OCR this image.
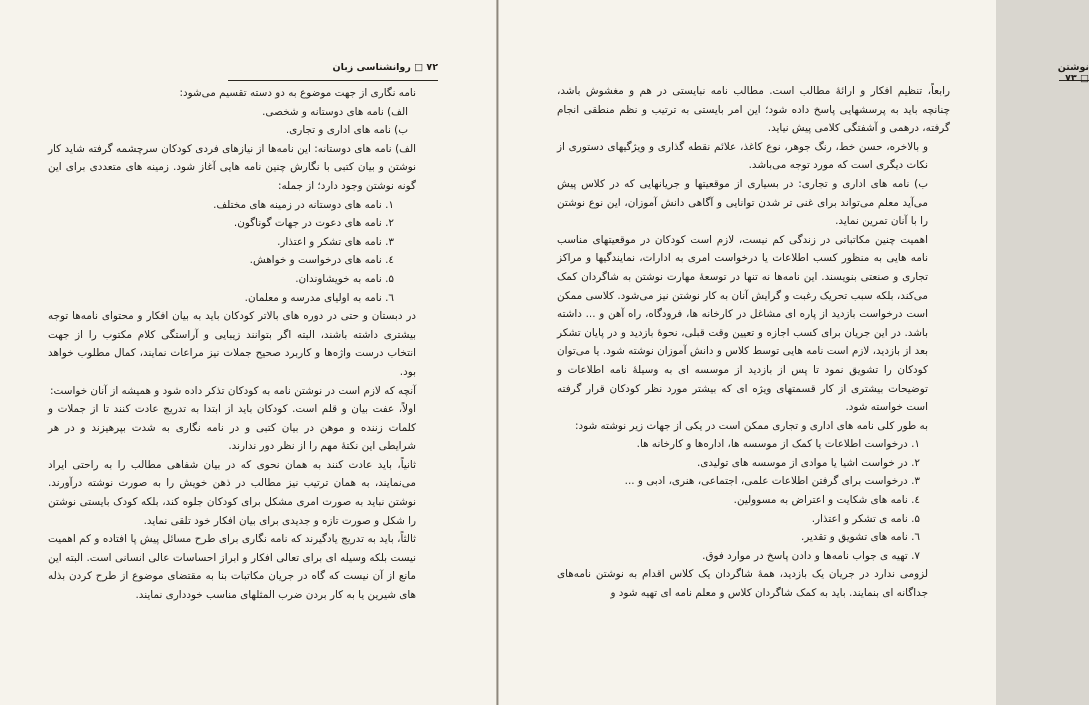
۷۲ □ روانشناسی زبان

نامه نگاری از جهت موضوع به دو دسته تقسیم می‌شود:

الف) نامه های دوستانه و شخصی.

ب) نامه های اداری و تجاری.

الف) نامه های دوستانه: این نامه‌ها از نیازهای فردی کودکان سرچشمه گرفته شاید کار نوشتن و بیان کتبی با نگارش چنین نامه هایی آغاز شود. زمینه های متعددی برای این گونه نوشتن وجود دارد؛ از جمله:

۱. نامه های دوستانه در زمینه های مختلف.

۲. نامه های دعوت در جهات گوناگون.

۳. نامه های تشکر و اعتذار.

٤. نامه های درخواست و خواهش.

۵. نامه به خویشاوندان.

٦. نامه به اولیای مدرسه و معلمان.

در دبستان و حتی در دوره های بالاتر کودکان باید به بیان افکار و محتوای نامه‌ها توجه بیشتری داشته باشند، البته اگر بتوانند زیبایی و آراستگی کلام مکتوب را از جهت انتخاب درست واژه‌ها و کاربرد صحیح جملات نیز مراعات نمایند، کمال مطلوب خواهد بود.

آنچه که لازم است در نوشتن نامه به کودکان تذکر داده شود و همیشه از آنان خواست:

اولاً، عفت بیان و قلم است. کودکان باید از ابتدا به تدریج عادت کنند تا از جملات و کلمات زننده و موهن در بیان کتبی و در نامه نگاری به شدت بپرهیزند و در هر شرایطی این نکتهٔ مهم را از نظر دور ندارند.

ثانیاً، باید عادت کنند به همان نحوی که در بیان شفاهی مطالب را به راحتی ایراد می‌نمایند، به همان ترتیب نیز مطالب در ذهن خویش را به صورت نوشته درآورند. نوشتن نباید به صورت امری مشکل برای کودکان جلوه کند، بلکه کودک بایستی نوشتن را شکل و صورت تازه و جدیدی برای بیان افکار خود تلقی نماید.

ثالثاً، باید به تدریج یادگیرند که نامه نگاری برای طرح مسائل پیش پا افتاده و کم اهمیت نیست بلکه وسیله ای برای تعالی افکار و ابراز احساسات عالی انسانی است. البته این مانع از آن نیست که گاه در جریان مکاتبات بنا به مقتضای موضوع از طرح کردن بذله های شیرین یا به کار بردن ضرب المثلهای مناسب خودداری نمایند.

نوشتن □ ۷۳

رابعاً، تنظیم افکار و ارائهٔ مطالب است. مطالب نامه نبایستی در هم و مغشوش باشد، چنانچه باید به پرسشهایی پاسخ داده شود؛ این امر بایستی به ترتیب و نظم منطقی انجام گرفته، درهمی و آشفتگی کلامی پیش نیاید.

و بالاخره، حسن خط، رنگ جوهر، نوع کاغذ، علائم نقطه گذاری و ویژگیهای دستوری از نکات دیگری است که مورد توجه می‌باشد.

ب) نامه های اداری و تجاری: در بسیاری از موقعیتها و جریانهایی که در کلاس پیش می‌آید معلم می‌تواند برای غنی تر شدن توانایی و آگاهی دانش آموزان، این نوع نوشتن را با آنان تمرین نماید.

اهمیت چنین مکاتباتی در زندگی کم نیست، لازم است کودکان در موقعیتهای مناسب نامه هایی به منظور کسب اطلاعات یا درخواست امری به ادارات، نمایندگیها و مراکز تجاری و صنعتی بنویسند. این نامه‌ها نه تنها در توسعهٔ مهارت نوشتن به شاگردان کمک می‌کند، بلکه سبب تحریک رغبت و گرایش آنان به کار نوشتن نیز می‌شود. کلاسی ممکن است درخواست بازدید از پاره ای مشاغل در کارخانه ها، فرودگاه، راه آهن و ... داشته باشد. در این جریان برای کسب اجازه و تعیین وقت قبلی، نحوهٔ بازدید و در پایان تشکر بعد از بازدید، لازم است نامه هایی توسط کلاس و دانش آموزان نوشته شود. یا می‌توان کودکان را تشویق نمود تا پس از بازدید از موسسه ای به وسیلهٔ نامه اطلاعات و توضیحات بیشتری از کار قسمتهای ویژه ای که بیشتر مورد نظر کودکان قرار گرفته است خواسته شود.

به طور کلی نامه های اداری و تجاری ممکن است در یکی از جهات زیر نوشته شود:

۱. درخواست اطلاعات یا کمک از موسسه ها، اداره‌ها و کارخانه ها.

۲. در خواست اشیا یا موادی از موسسه های تولیدی.

۳. درخواست برای گرفتن اطلاعات علمی، اجتماعی، هنری، ادبی و ...

٤. نامه های شکایت و اعتراض به مسوولین.

۵. نامه ی تشکر و اعتذار.

٦. نامه های تشویق و تقدیر.

۷. تهیه ی جواب نامه‌ها و دادن پاسخ در موارد فوق.

لزومی ندارد در جریان یک بازدید، همهٔ شاگردان یک کلاس اقدام به نوشتن نامه‌های جداگانه ای بنمایند. باید به کمک شاگردان کلاس و معلم نامه ای تهیه شود و
